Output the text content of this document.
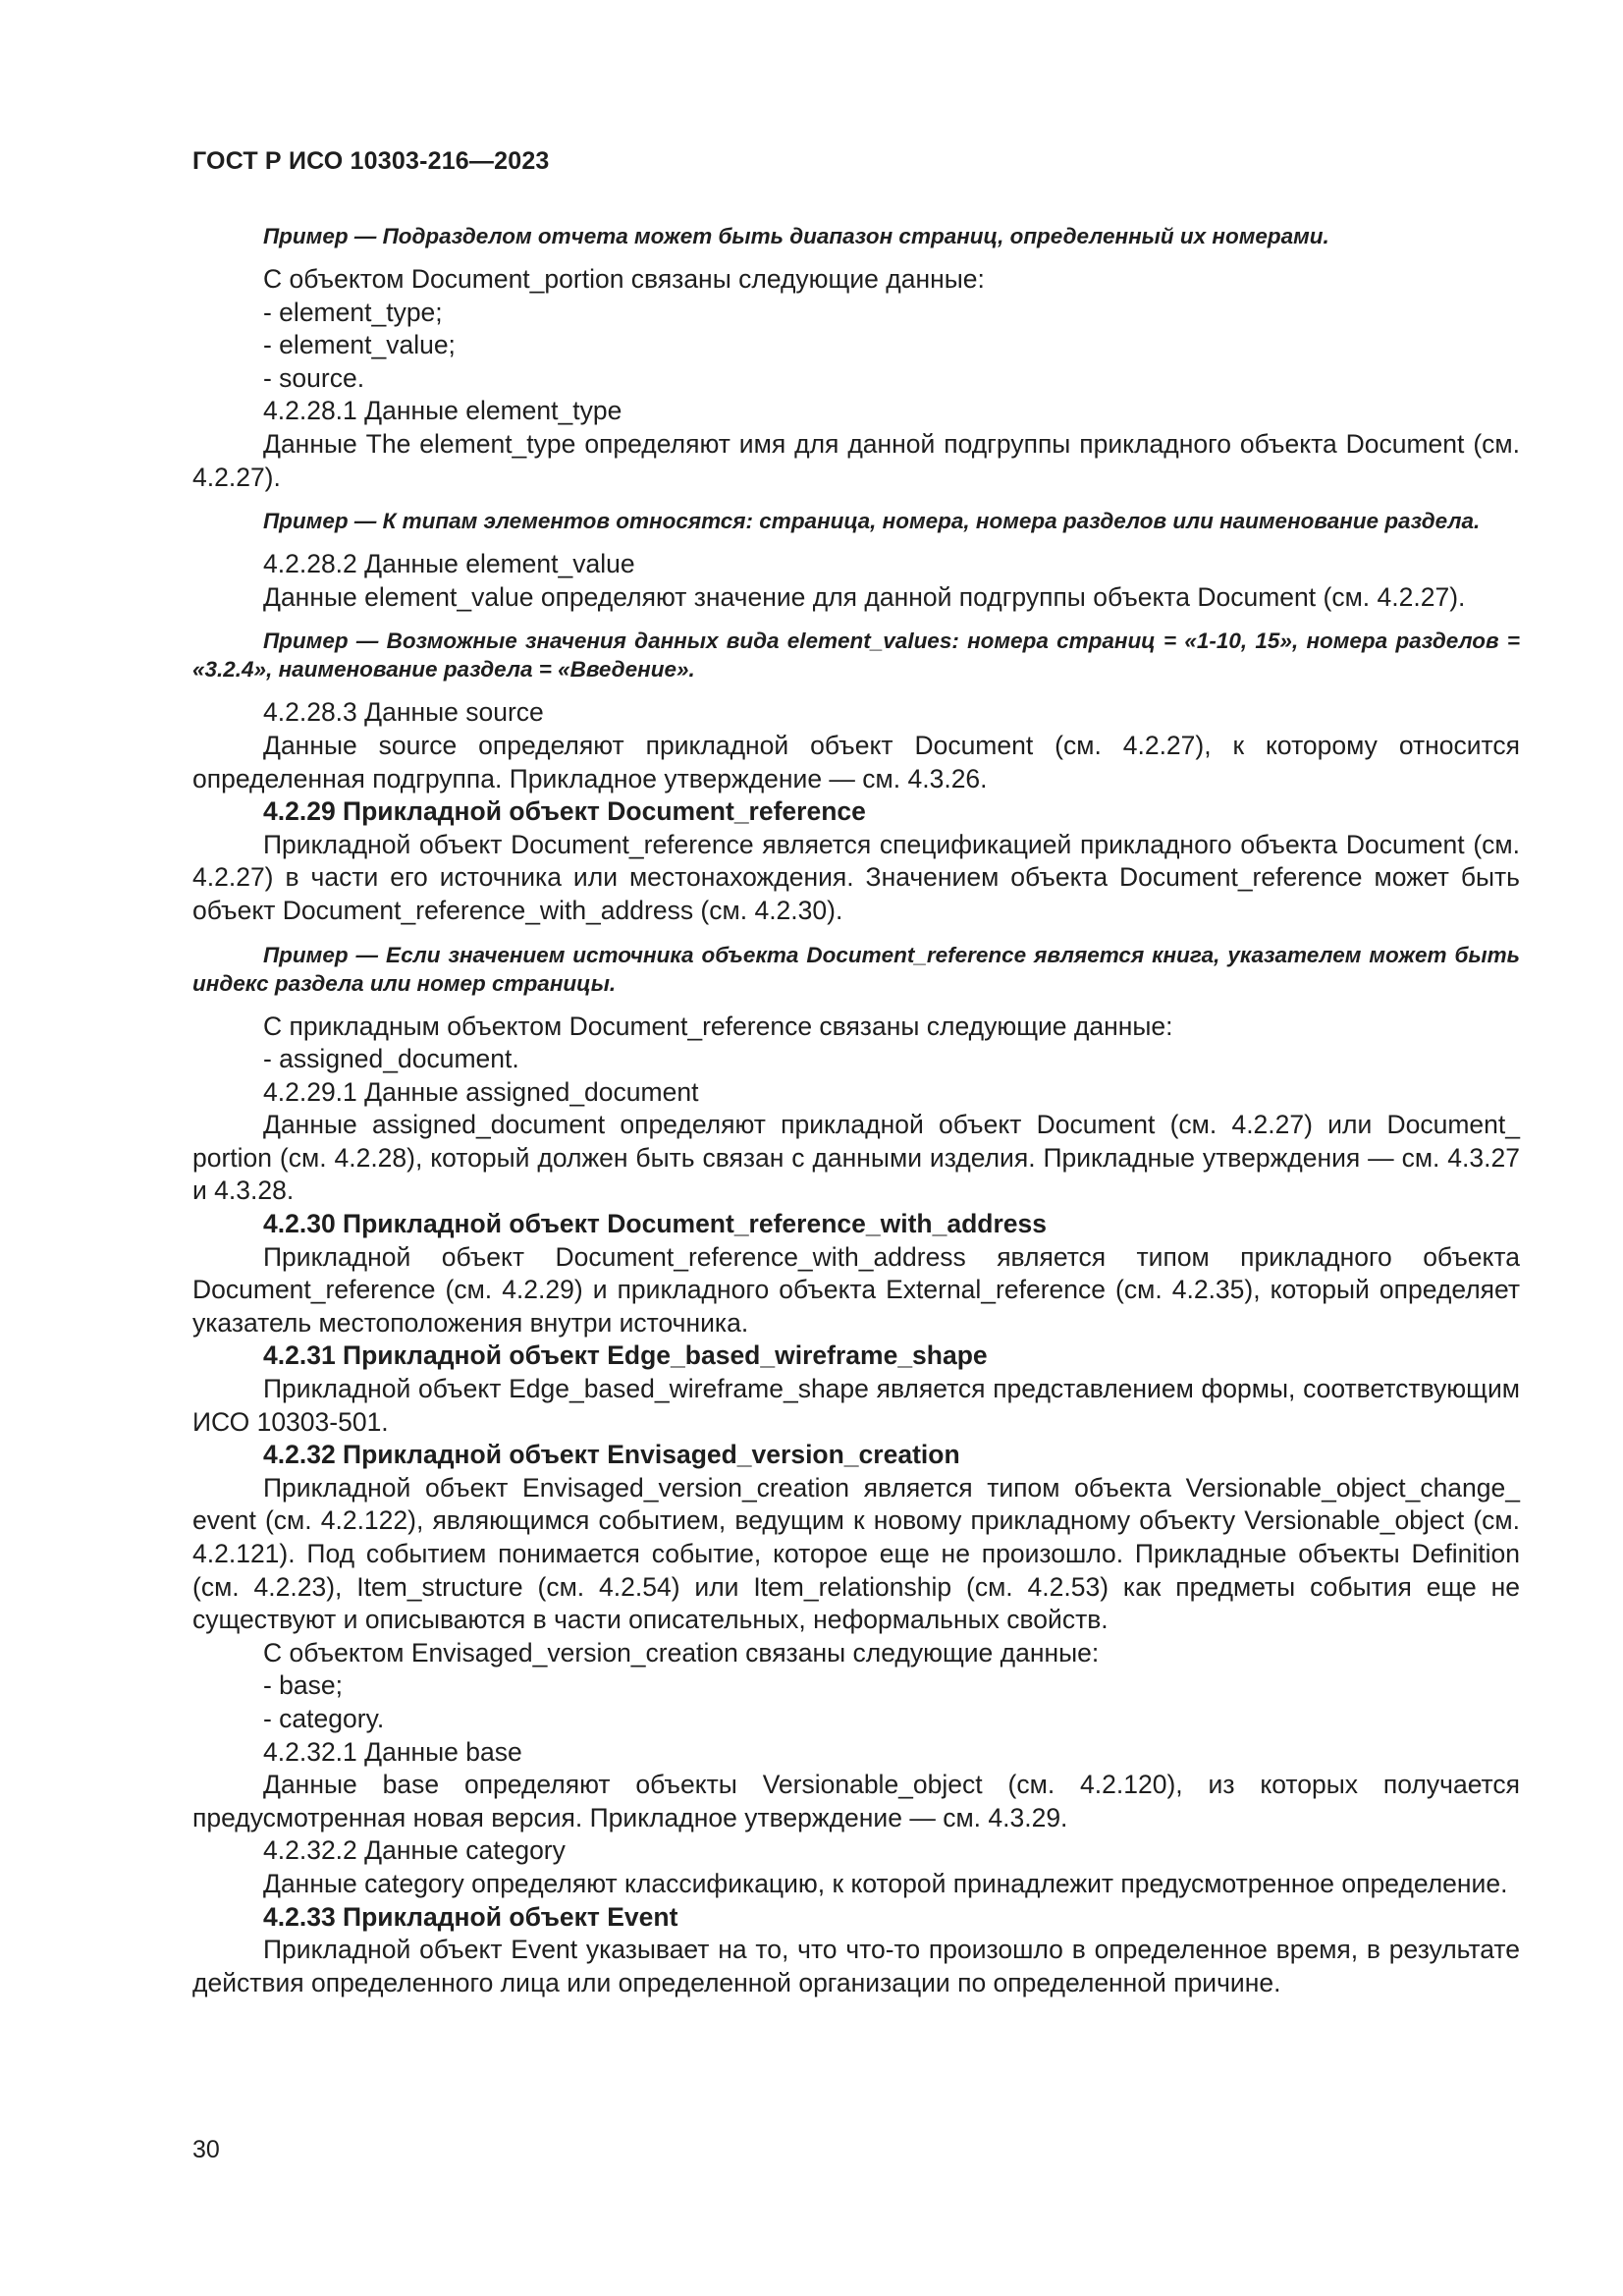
ГОСТ Р ИСО 10303-216—2023

Пример — Подразделом отчета может быть диапазон страниц, определенный их номерами.

С объектом Document_portion связаны следующие данные:

- element_type;

- element_value;

- source.

4.2.28.1 Данные element_type

Данные The element_type определяют имя для данной подгруппы прикладного объекта Document (см. 4.2.27).

Пример — К типам элементов относятся: страница, номера, номера разделов или наименование раздела.

4.2.28.2 Данные element_value

Данные element_value определяют значение для данной подгруппы объекта Document (см. 4.2.27).

Пример — Возможные значения данных вида element_values: номера страниц = «1-10, 15», номера разделов = «3.2.4», наименование раздела = «Введение».

4.2.28.3 Данные source

Данные source определяют прикладной объект Document (см. 4.2.27), к которому относится определенная подгруппа. Прикладное утверждение — см. 4.3.26.

4.2.29 Прикладной объект Document_reference

Прикладной объект Document_reference является спецификацией прикладного объекта Document (см. 4.2.27) в части его источника или местонахождения. Значением объекта Document_reference может быть объект Document_reference_with_address (см. 4.2.30).

Пример — Если значением источника объекта Document_reference является книга, указателем может быть индекс раздела или номер страницы.

С прикладным объектом Document_reference связаны следующие данные:

- assigned_document.

4.2.29.1 Данные assigned_document

Данные assigned_document определяют прикладной объект Document (см. 4.2.27) или Document_ portion (см. 4.2.28), который должен быть связан с данными изделия. Прикладные утверждения — см. 4.3.27 и 4.3.28.

4.2.30 Прикладной объект Document_reference_with_address

Прикладной объект Document_reference_with_address является типом прикладного объекта Document_reference (см. 4.2.29) и прикладного объекта External_reference (см. 4.2.35), который определяет указатель местоположения внутри источника.

4.2.31 Прикладной объект Edge_based_wireframe_shape

Прикладной объект Edge_based_wireframe_shape является представлением формы, соответствующим ИСО 10303-501.

4.2.32 Прикладной объект Envisaged_version_creation

Прикладной объект Envisaged_version_creation является типом объекта Versionable_object_change_ event (см. 4.2.122), являющимся событием, ведущим к новому прикладному объекту Versionable_object (см. 4.2.121). Под событием понимается событие, которое еще не произошло. Прикладные объекты Definition (см. 4.2.23), Item_structure (см. 4.2.54) или Item_relationship (см. 4.2.53) как предметы события еще не существуют и описываются в части описательных, неформальных свойств.

С объектом Envisaged_version_creation связаны следующие данные:

- base;

- category.

4.2.32.1 Данные base

Данные base определяют объекты Versionable_object (см. 4.2.120), из которых получается предусмотренная новая версия. Прикладное утверждение — см. 4.3.29.

4.2.32.2 Данные category

Данные category определяют классификацию, к которой принадлежит предусмотренное определение.

4.2.33 Прикладной объект Event

Прикладной объект Event указывает на то, что что-то произошло в определенное время, в результате действия определенного лица или определенной организации по определенной причине.

30
